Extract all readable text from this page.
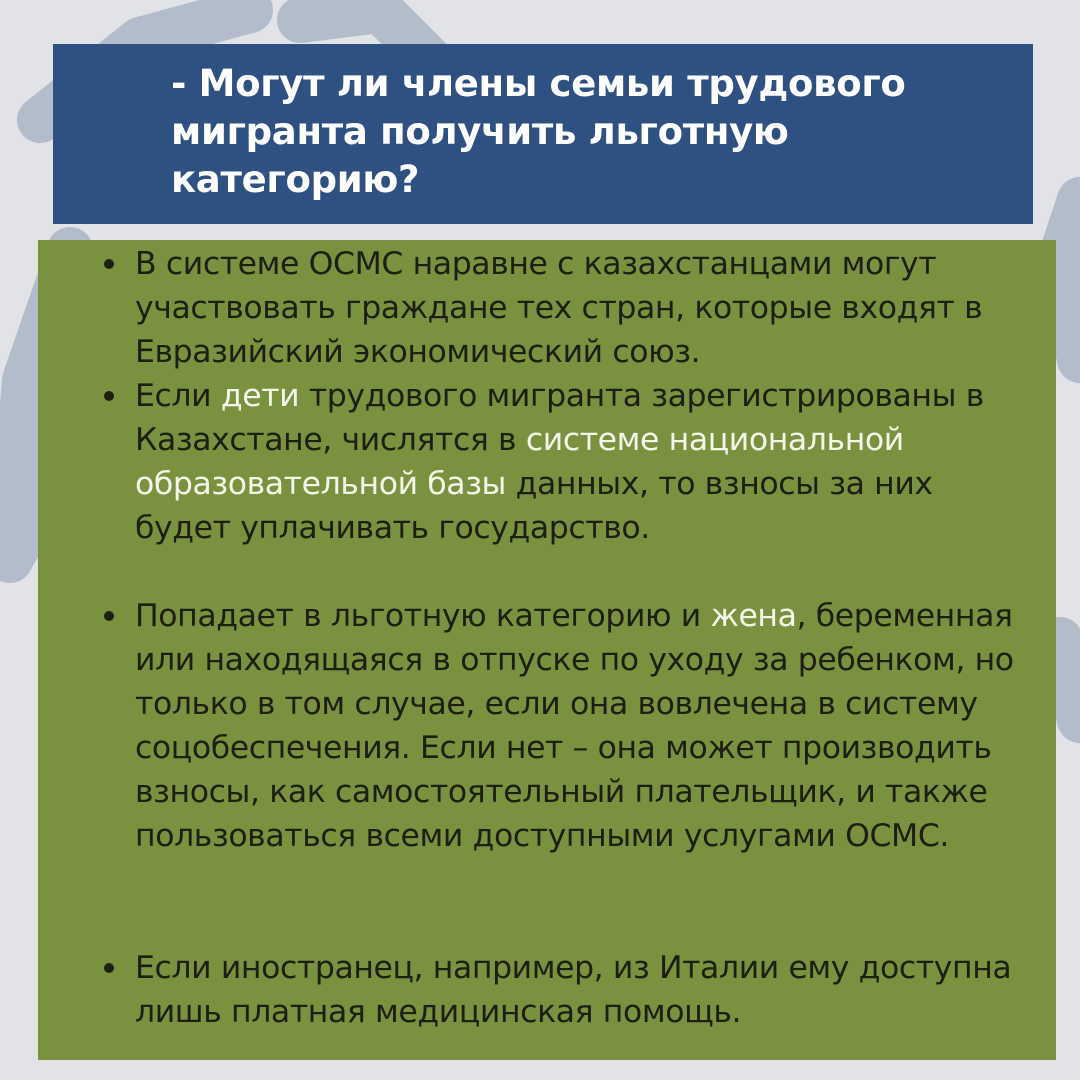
- Могут ли члены семьи трудового мигранта получить льготную категорию?
В системе ОСМС наравне с казахстанцами могут участвовать граждане тех стран, которые входят в Евразийский экономический союз.
Если дети трудового мигранта зарегистрированы в Казахстане, числятся в системе национальной образовательной базы данных, то взносы за них будет уплачивать государство.
Попадает в льготную категорию и жена, беременная или находящаяся в отпуске по уходу за ребенком, но только в том случае, если она вовлечена в систему соцобеспечения. Если нет – она может производить взносы, как самостоятельный плательщик, и также пользоваться всеми доступными услугами ОСМС.
Если иностранец, например, из Италии ему доступна лишь платная медицинская помощь.
